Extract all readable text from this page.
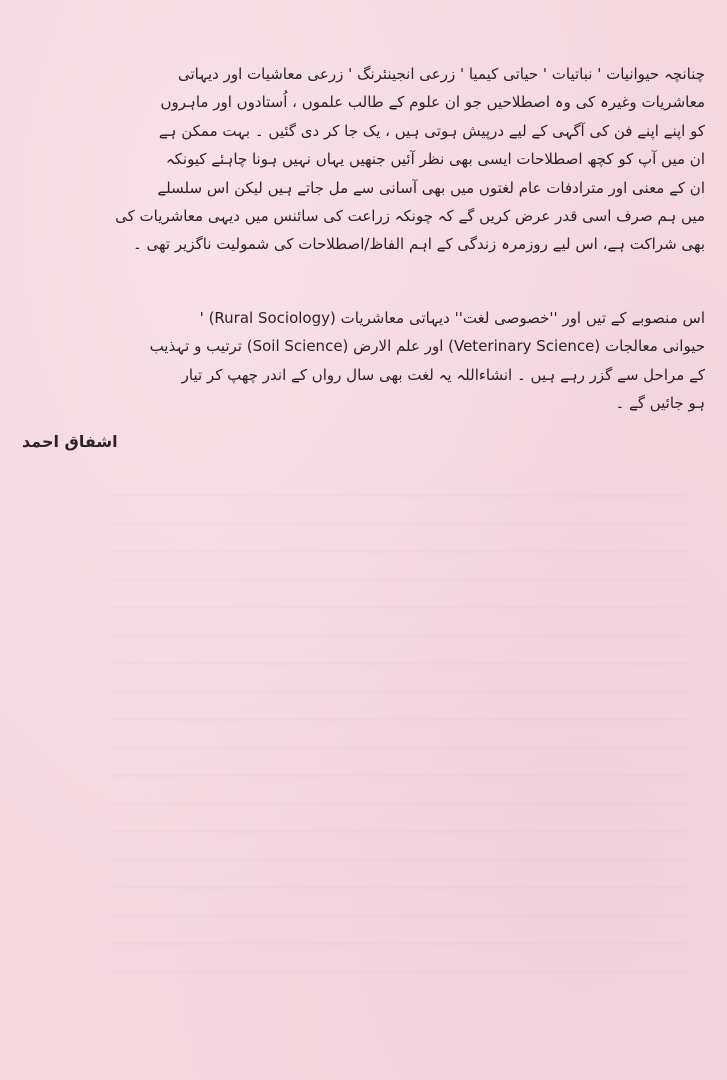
چنانچہ حیوانیات ' نباتیات ' حیاتی کیمیا ' زرعی انجینئرنگ ' زرعی معاشیات اور دیہاتی
معاشریات وغیرہ کی وہ اصطلاحیں جو ان علوم کے طالب علموں ، اُستادوں اور ماہروں
کو اپنے اپنے فن کی آگہی کے لیے درپیش ہوتی ہیں ، یک جا کر دی گئیں ۔ بہت ممکن ہے
ان میں آپ کو کچھ اصطلاحات ایسی بھی نظر آئیں جنھیں یہاں نہیں ہونا چاہئے کیونکہ
ان کے معنی اور مترادفات عام لغتوں میں بھی آسانی سے مل جاتے ہیں لیکن اس سلسلے
میں ہم صرف اسی قدر عرض کریں گے کہ چونکہ زراعت کی سائنس میں دیہی معاشریات کی
بھی شراکت ہے، اس لیے روزمرہ زندگی کے اہم الفاظ/اصطلاحات کی شمولیت ناگزیر تھی ۔
اس منصوبے کے تیں اور ''خصوصی لغت'' دیہاتی معاشریات (Rural Sociology) '
حیوانی معالجات (Veterinary Science) اور علم الارض (Soil Science) ترتیب و تہذیب
کے مراحل سے گزر رہے ہیں ۔ انشاءاللہ یہ لغت بھی سال رواں کے اندر چھپ کر تیار
ہو جائیں گے ۔
اشفاق احمد
